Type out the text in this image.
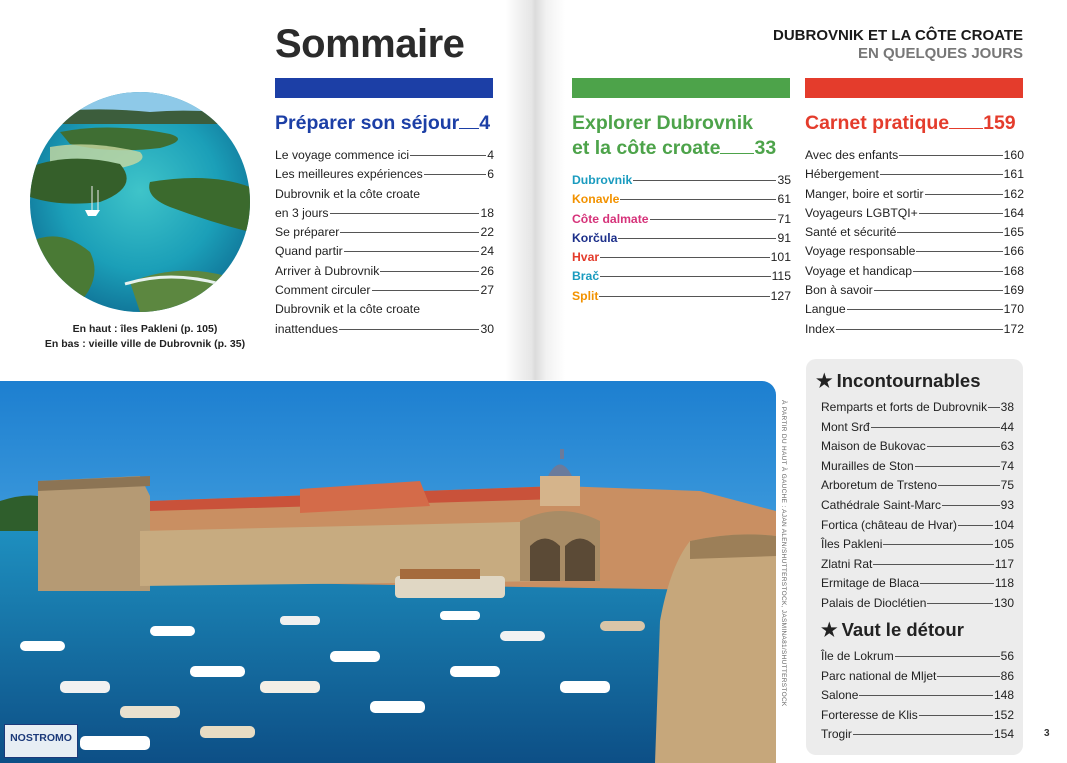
En haut : îles Pakleni (p. 105)
En bas : vieille ville de Dubrovnik (p. 35)
Sommaire	DUBROVNIK ET LA CÔTE CROATE
EN QUELQUES JOURS
Préparer son séjour 4
Le voyage commence ici	4
Les meilleures expériences	6
Dubrovnik et la côte croate
en 3 jours	18
Se préparer	22
Quand partir	24
Arriver à Dubrovnik	26
Comment circuler	27
Dubrovnik et la côte croate
inattendues	30
Explorer Dubrovnik
et la côte croate 33
Dubrovnik	35
Konavle	61
Côte dalmate	71
Korčula	91
Hvar	101
Brač	115
Split	127
Carnet pratique 159
Avec des enfants	160
Hébergement	161
Manger, boire et sortir	162
Voyageurs LGBTQI+	164
Santé et sécurité	165
Voyage responsable	166
Voyage et handicap	168
Bon à savoir	169
Langue	170
Index	172
À PARTIR DU HAUT À GAUCHE : AJAN ALEN/SHUTTERSTOCK, JASMINA81/SHUTTERSTOCK
NOSTROMO
★ Incontournables
Remparts et forts de Dubrovnik 38
Mont Srđ	44
Maison de Bukovac	63
Murailles de Ston	74
Arboretum de Trsteno	75
Cathédrale Saint-Marc	93
Fortica (château de Hvar)	104
Îles Pakleni	105
Zlatni Rat	117
Ermitage de Blaca	118
Palais de Dioclétien	130
★ Vaut le détour
Île de Lokrum	56
Parc national de Mljet	86
Salone	148
Forteresse de Klis	152
Trogir	154	3
